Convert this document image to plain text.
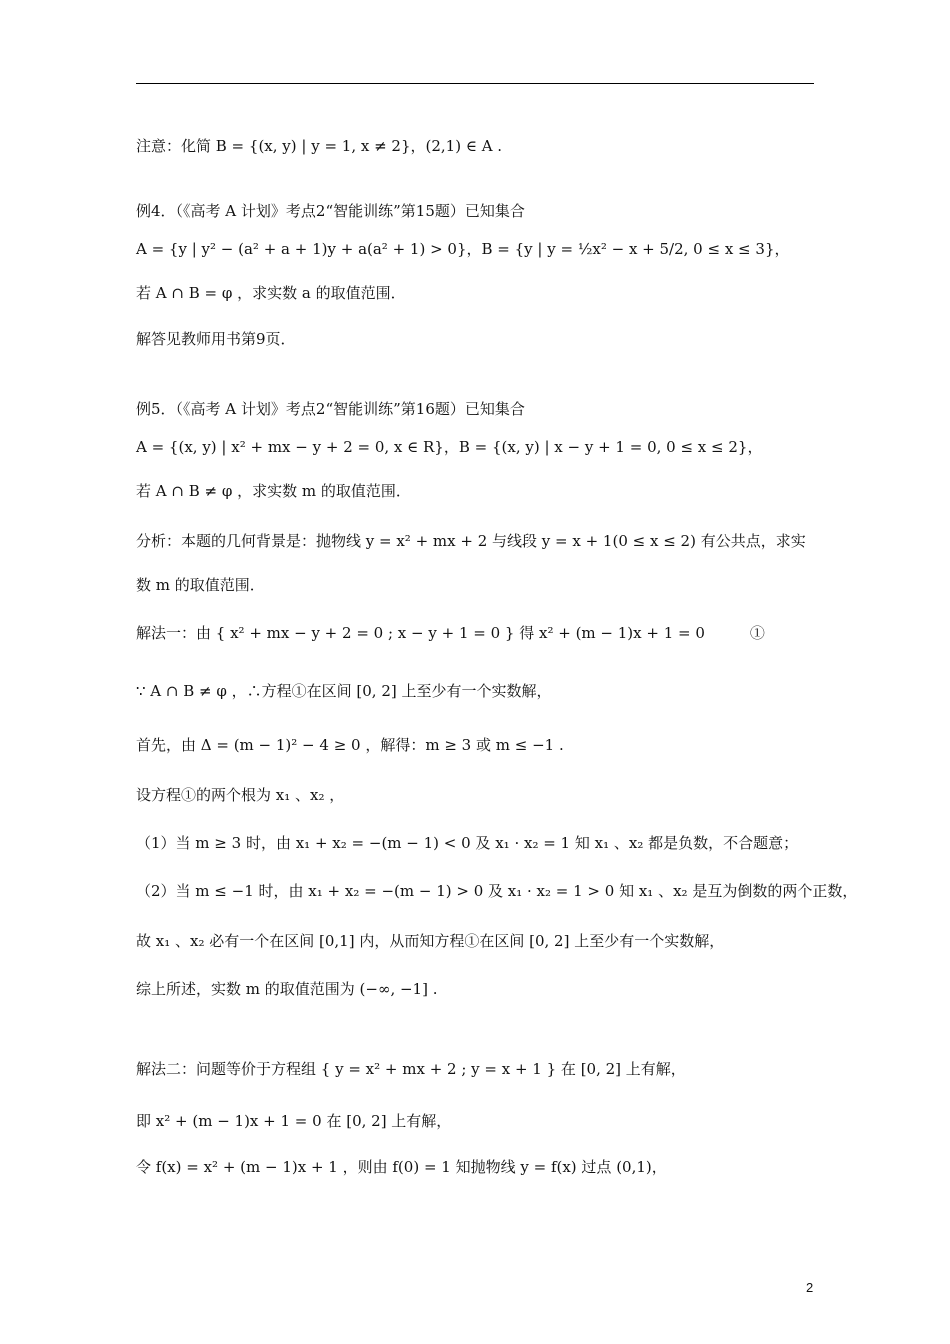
注意：化简 B = {(x, y) | y = 1, x ≠ 2}，(2,1) ∈ A .
例4．（《高考 A 计划》考点2“智能训练”第15题）已知集合
A = {y | y² − (a² + a + 1)y + a(a² + 1) > 0}，B = {y | y = ½x² − x + 5/2, 0 ≤ x ≤ 3}，
若 A ∩ B = φ ，求实数 a 的取值范围．
解答见教师用书第9页．
例5．（《高考 A 计划》考点2“智能训练”第16题）已知集合
A = {(x, y) | x² + mx − y + 2 = 0, x ∈ R}，B = {(x, y) | x − y + 1 = 0, 0 ≤ x ≤ 2}，
若 A ∩ B ≠ φ ，求实数 m 的取值范围．
分析：本题的几何背景是：抛物线 y = x² + mx + 2 与线段 y = x + 1(0 ≤ x ≤ 2) 有公共点，求实
数 m 的取值范围．
解法一：由 { x² + mx − y + 2 = 0 ; x − y + 1 = 0 } 得 x² + (m − 1)x + 1 = 0　　　①
∵ A ∩ B ≠ φ ，∴方程①在区间 [0, 2] 上至少有一个实数解，
首先，由 Δ = (m − 1)² − 4 ≥ 0 ，解得：m ≥ 3 或 m ≤ −1 .
设方程①的两个根为 x₁ 、x₂ ，
（1）当 m ≥ 3 时，由 x₁ + x₂ = −(m − 1) < 0 及 x₁ · x₂ = 1 知 x₁ 、x₂ 都是负数，不合题意；
（2）当 m ≤ −1 时，由 x₁ + x₂ = −(m − 1) > 0 及 x₁ · x₂ = 1 > 0 知 x₁ 、x₂ 是互为倒数的两个正数，
故 x₁ 、x₂ 必有一个在区间 [0,1] 内，从而知方程①在区间 [0, 2] 上至少有一个实数解，
综上所述，实数 m 的取值范围为 (−∞, −1] .
解法二：问题等价于方程组 { y = x² + mx + 2 ; y = x + 1 } 在 [0, 2] 上有解，
即 x² + (m − 1)x + 1 = 0 在 [0, 2] 上有解，
令 f(x) = x² + (m − 1)x + 1 ，则由 f(0) = 1 知抛物线 y = f(x) 过点 (0,1)，
2
